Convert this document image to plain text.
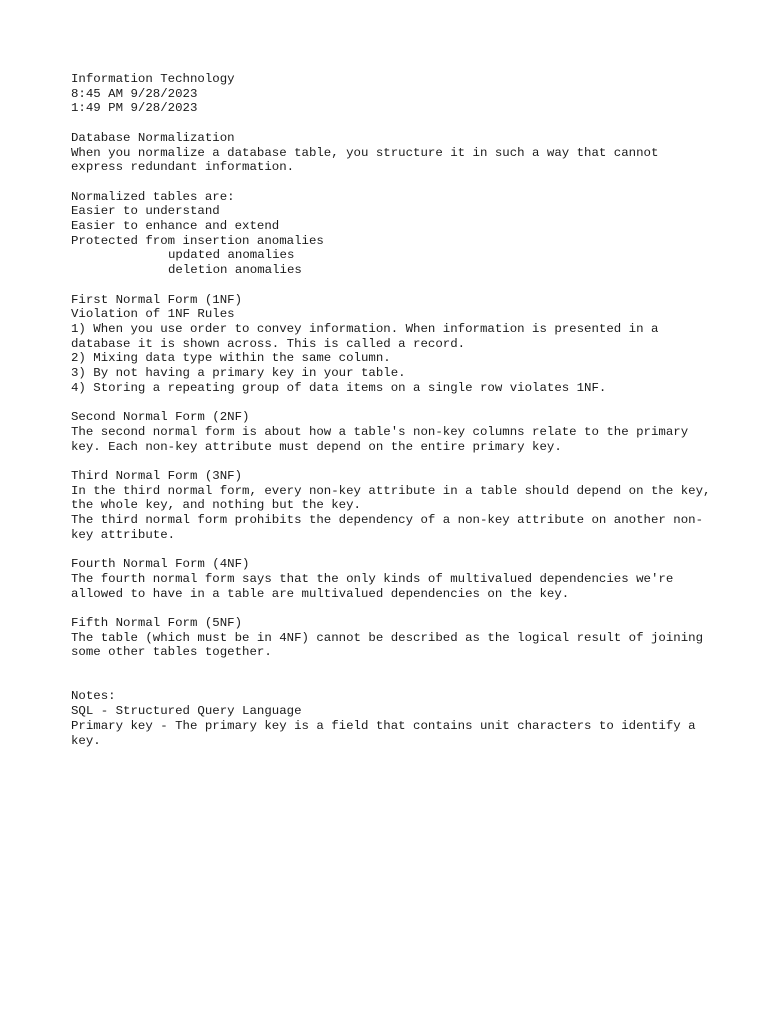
Information Technology
8:45 AM 9/28/2023
1:49 PM 9/28/2023
Database Normalization
When you normalize a database table, you structure it in such a way that cannot express redundant information.
Normalized tables are:
Easier to understand
Easier to enhance and extend
Protected from insertion anomalies
updated anomalies
deletion anomalies
First Normal Form (1NF)
Violation of 1NF Rules
1) When you use order to convey information. When information is presented in a database it is shown across. This is called a record.
2) Mixing data type within the same column.
3) By not having a primary key in your table.
4) Storing a repeating group of data items on a single row violates 1NF.
Second Normal Form (2NF)
The second normal form is about how a table's non-key columns relate to the primary key. Each non-key attribute must depend on the entire primary key.
Third Normal Form (3NF)
In the third normal form, every non-key attribute in a table should depend on the key, the whole key, and nothing but the key.
The third normal form prohibits the dependency of a non-key attribute on another non-key attribute.
Fourth Normal Form (4NF)
The fourth normal form says that the only kinds of multivalued dependencies we're allowed to have in a table are multivalued dependencies on the key.
Fifth Normal Form (5NF)
The table (which must be in 4NF) cannot be described as the logical result of joining some other tables together.
Notes:
SQL - Structured Query Language
Primary key - The primary key is a field that contains unit characters to identify a key.
